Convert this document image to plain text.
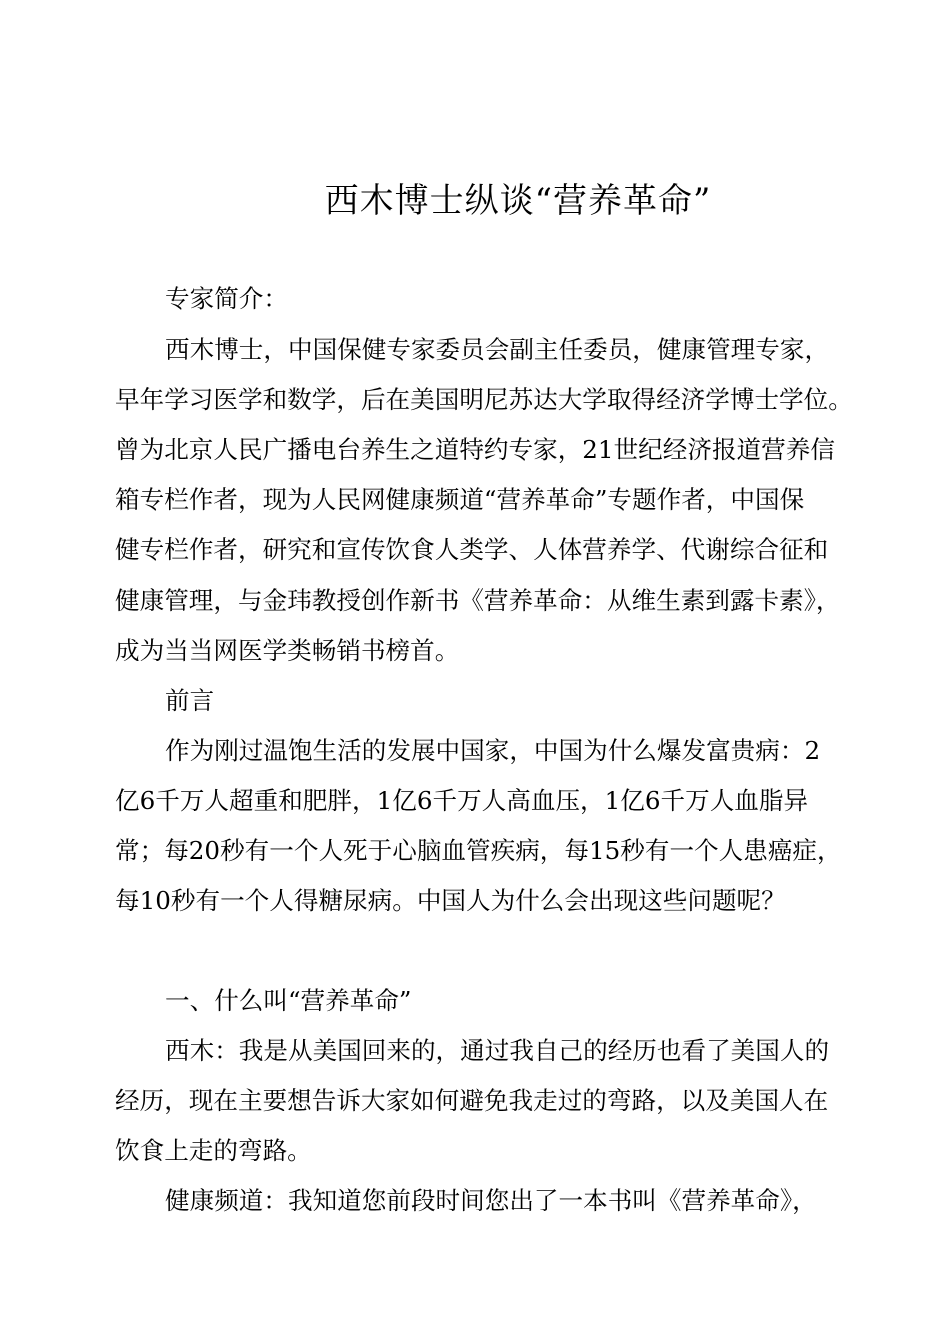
西木博士纵谈“营养革命”
专家简介：
西木博士，中国保健专家委员会副主任委员，健康管理专家，
早年学习医学和数学，后在美国明尼苏达大学取得经济学博士学位。
曾为北京人民广播电台养生之道特约专家，21世纪经济报道营养信
箱专栏作者，现为人民网健康频道“营养革命”专题作者，中国保
健专栏作者，研究和宣传饮食人类学、人体营养学、代谢综合征和
健康管理，与金玮教授创作新书《营养革命：从维生素到露卡素》，
成为当当网医学类畅销书榜首。
前言
作为刚过温饱生活的发展中国家，中国为什么爆发富贵病：2
亿6千万人超重和肥胖，1亿6千万人高血压，1亿6千万人血脂异
常；每20秒有一个人死于心脑血管疾病，每15秒有一个人患癌症，
每10秒有一个人得糖尿病。中国人为什么会出现这些问题呢？
一、什么叫“营养革命”
西木：我是从美国回来的，通过我自己的经历也看了美国人的
经历，现在主要想告诉大家如何避免我走过的弯路，以及美国人在
饮食上走的弯路。
健康频道：我知道您前段时间您出了一本书叫《营养革命》，
